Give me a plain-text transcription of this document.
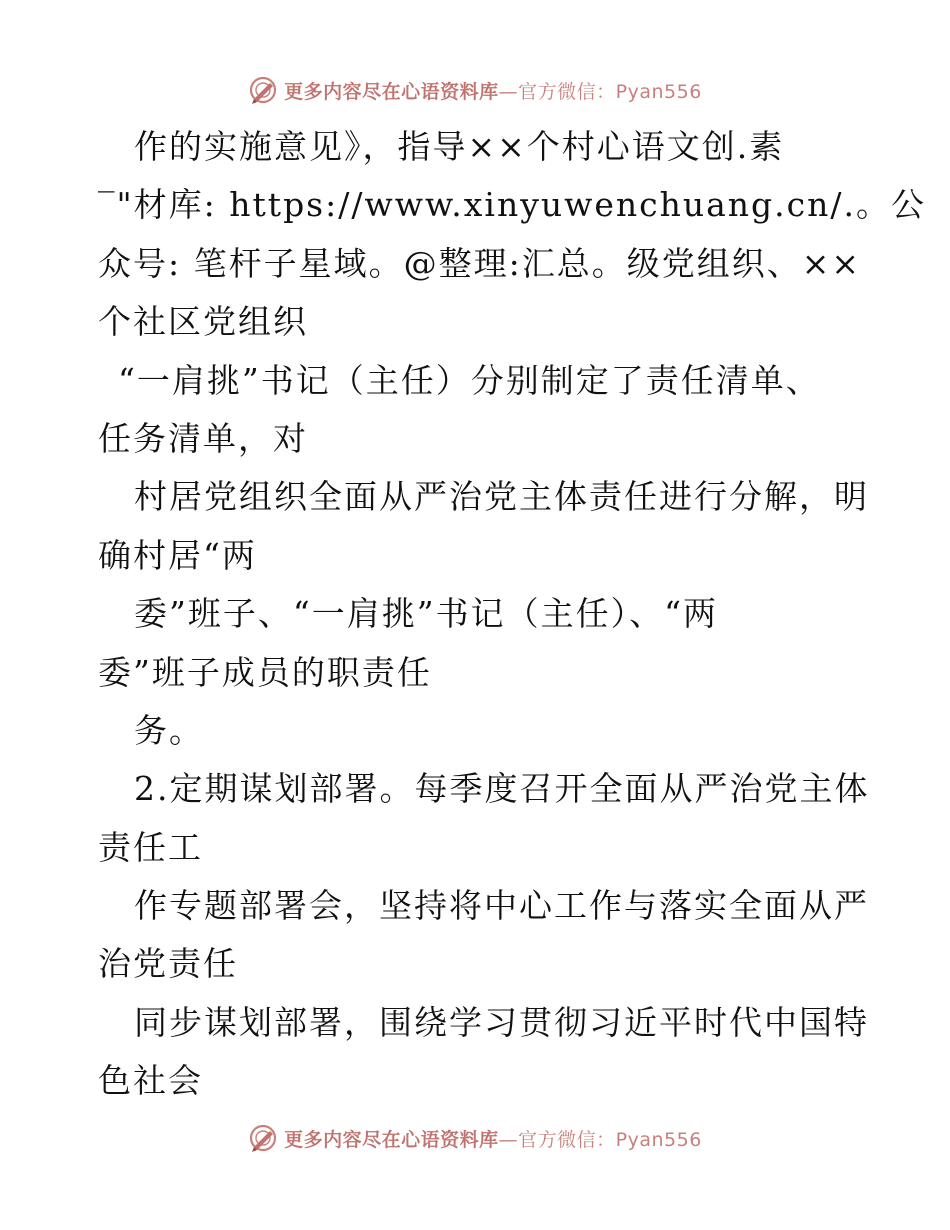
更多内容尽在心语资料库—官方微信：Pyan556
作的实施意见》，指导××个村心语文创.素
‾"材库: https://www.xinyuwenchuang.cn/.。公
众号: 笔杆子星域。@整理:汇总。级党组织、××
个社区党组织
“一肩挑”书记（主任）分别制定了责任清单、
任务清单，对
村居党组织全面从严治党主体责任进行分解，明
确村居“两
委”班子、“一肩挑”书记（主任）、“两
委”班子成员的职责任
务。
2.定期谋划部署。每季度召开全面从严治党主体
责任工
作专题部署会，坚持将中心工作与落实全面从严
治党责任
同步谋划部署，围绕学习贯彻习近平时代中国特
色社会
更多内容尽在心语资料库—官方微信：Pyan556
